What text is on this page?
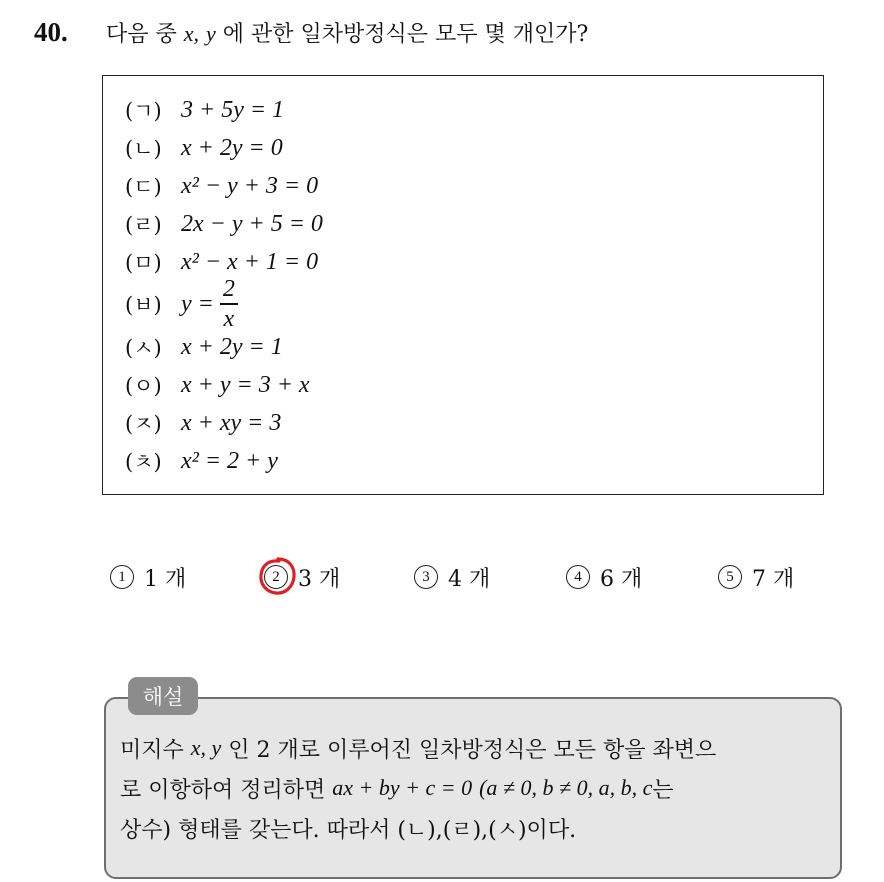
40.	다음 중 x, y 에 관한 일차방정식은 모두 몇 개인가?
(ㄱ) 3 + 5y = 1
(ㄴ) x + 2y = 0
(ㄷ) x² − y + 3 = 0
(ㄹ) 2x − y + 5 = 0
(ㅁ) x² − x + 1 = 0
(ㅂ) $y = \frac{2}{x}$
(ㅅ) x + 2y = 1
(ㅇ) x + y = 3 + x
(ㅈ) x + xy = 3
(ㅊ) x² = 2 + y
1 1 개	2 3 개	3 4 개	4 6 개	5 7 개
해설
미지수
x, y
인 2 개로 이루어진 일차방정식은 모든 항을 좌변으
로 이항하여 정리하면
ax + by + c = 0
(a ≠ 0, b ≠ 0, a, b, c 는
상수) 형태를 갖는다. 따라서 (ㄴ),(ㄹ),(ㅅ)이다.
